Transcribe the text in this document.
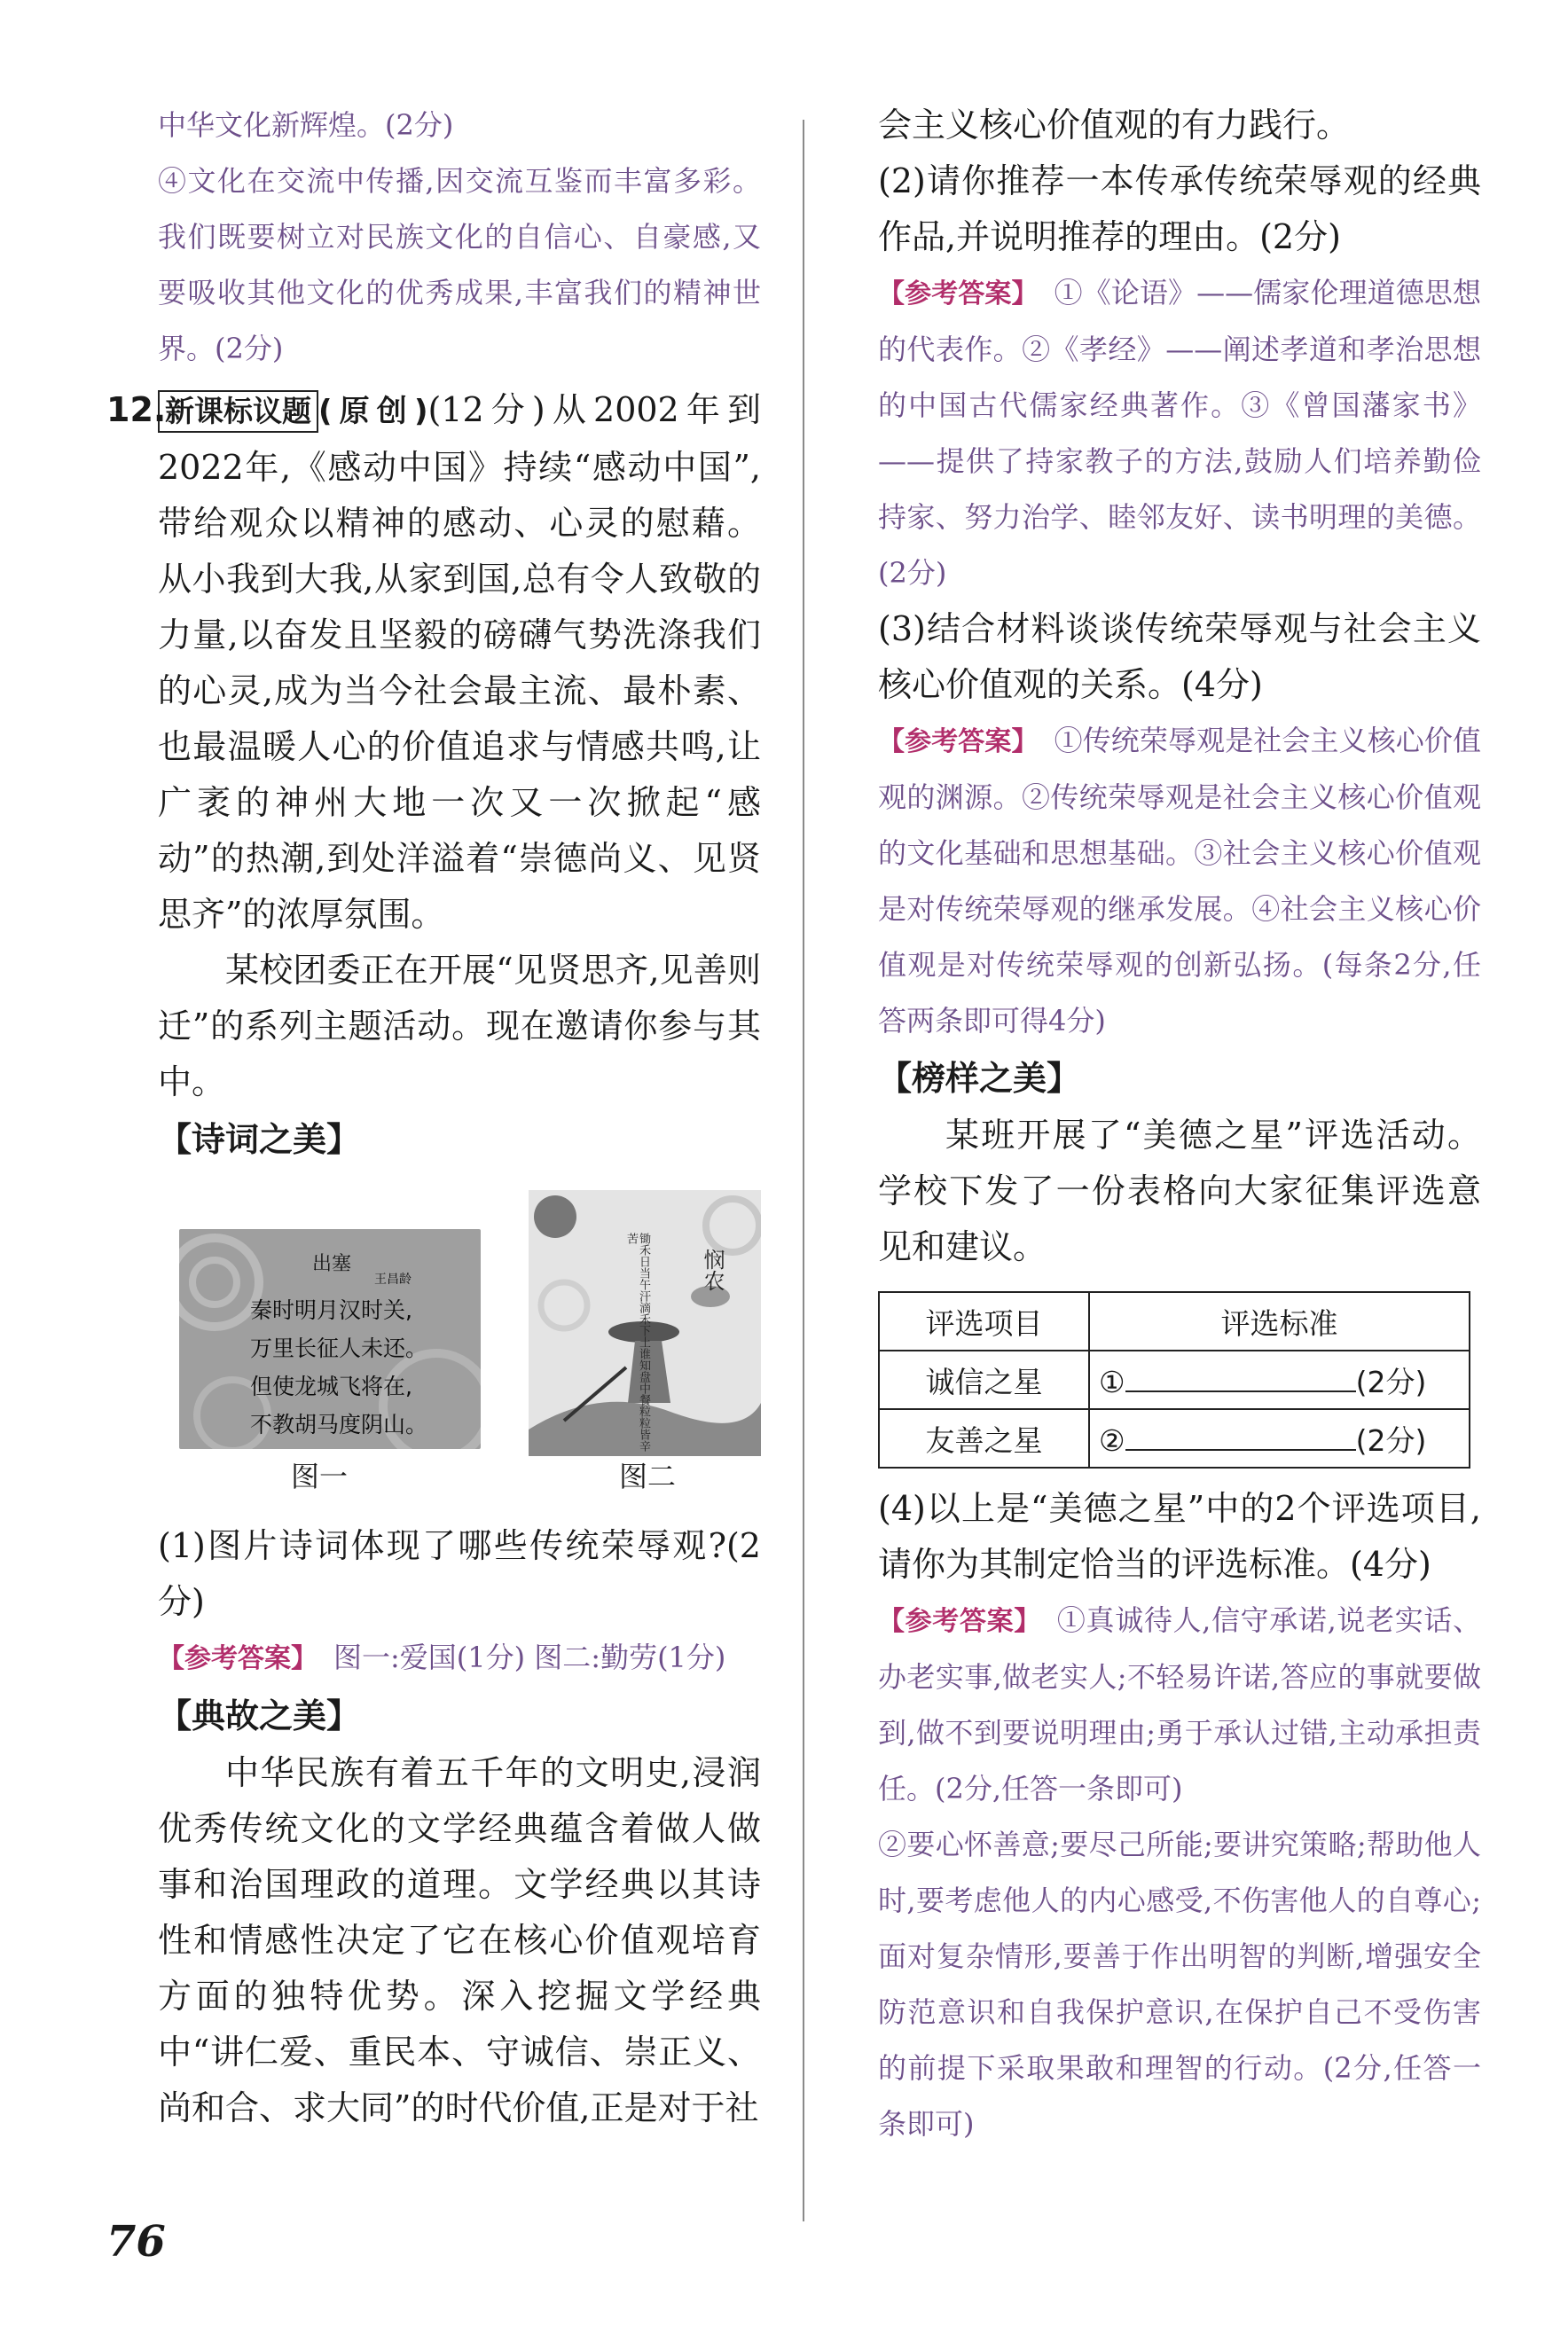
中华文化新辉煌。(2分)

④文化在交流中传播,因交流互鉴而丰富多彩。我们既要树立对民族文化的自信心、自豪感,又要吸收其他文化的优秀成果,丰富我们的精神世界。(2分)

12.
新课标议题 (原创)(12分)从2002年到2022年,《感动中国》持续“感动中国”,带给观众以精神的感动、心灵的慰藉。从小我到大我,从家到国,总有令人致敬的力量,以奋发且坚毅的磅礴气势洗涤我们的心灵,成为当今社会最主流、最朴素、也最温暖人心的价值追求与情感共鸣,让广袤的神州大地一次又一次掀起“感动”的热潮,到处洋溢着“崇德尚义、见贤思齐”的浓厚氛围。

某校团委正在开展“见贤思齐,见善则迁”的系列主题活动。现在邀请你参与其中。

【诗词之美】

出塞
王昌龄
秦时明月汉时关,
万里长征人未还。
但使龙城飞将在,
不教胡马度阴山。	锄禾日当午汗滴禾下土谁知盘中餐粒粒皆辛苦
悯农
图一	图二

(1)图片诗词体现了哪些传统荣辱观?(2分)

【参考答案】 图一:爱国(1分) 图二:勤劳(1分)

【典故之美】

中华民族有着五千年的文明史,浸润优秀传统文化的文学经典蕴含着做人做事和治国理政的道理。文学经典以其诗性和情感性决定了它在核心价值观培育方面的独特优势。深入挖掘文学经典中“讲仁爱、重民本、守诚信、崇正义、尚和合、求大同”的时代价值,正是对于社

会主义核心价值观的有力践行。

(2)请你推荐一本传承传统荣辱观的经典作品,并说明推荐的理由。(2分)

【参考答案】 ①《论语》——儒家伦理道德思想的代表作。②《孝经》——阐述孝道和孝治思想的中国古代儒家经典著作。③《曾国藩家书》——提供了持家教子的方法,鼓励人们培养勤俭持家、努力治学、睦邻友好、读书明理的美德。(2分)

(3)结合材料谈谈传统荣辱观与社会主义核心价值观的关系。(4分)

【参考答案】 ①传统荣辱观是社会主义核心价值观的渊源。②传统荣辱观是社会主义核心价值观的文化基础和思想基础。③社会主义核心价值观是对传统荣辱观的继承发展。④社会主义核心价值观是对传统荣辱观的创新弘扬。(每条2分,任答两条即可得4分)

【榜样之美】

某班开展了“美德之星”评选活动。学校下发了一份表格向大家征集评选意见和建议。

评选项目	评选标准
诚信之星	① (2分)
友善之星	② (2分)

(4)以上是“美德之星”中的2个评选项目,请你为其制定恰当的评选标准。(4分)

【参考答案】 ①真诚待人,信守承诺,说老实话、办老实事,做老实人;不轻易许诺,答应的事就要做到,做不到要说明理由;勇于承认过错,主动承担责任。(2分,任答一条即可)

②要心怀善意;要尽己所能;要讲究策略;帮助他人时,要考虑他人的内心感受,不伤害他人的自尊心;面对复杂情形,要善于作出明智的判断,增强安全防范意识和自我保护意识,在保护自己不受伤害的前提下采取果敢和理智的行动。(2分,任答一条即可)

76
